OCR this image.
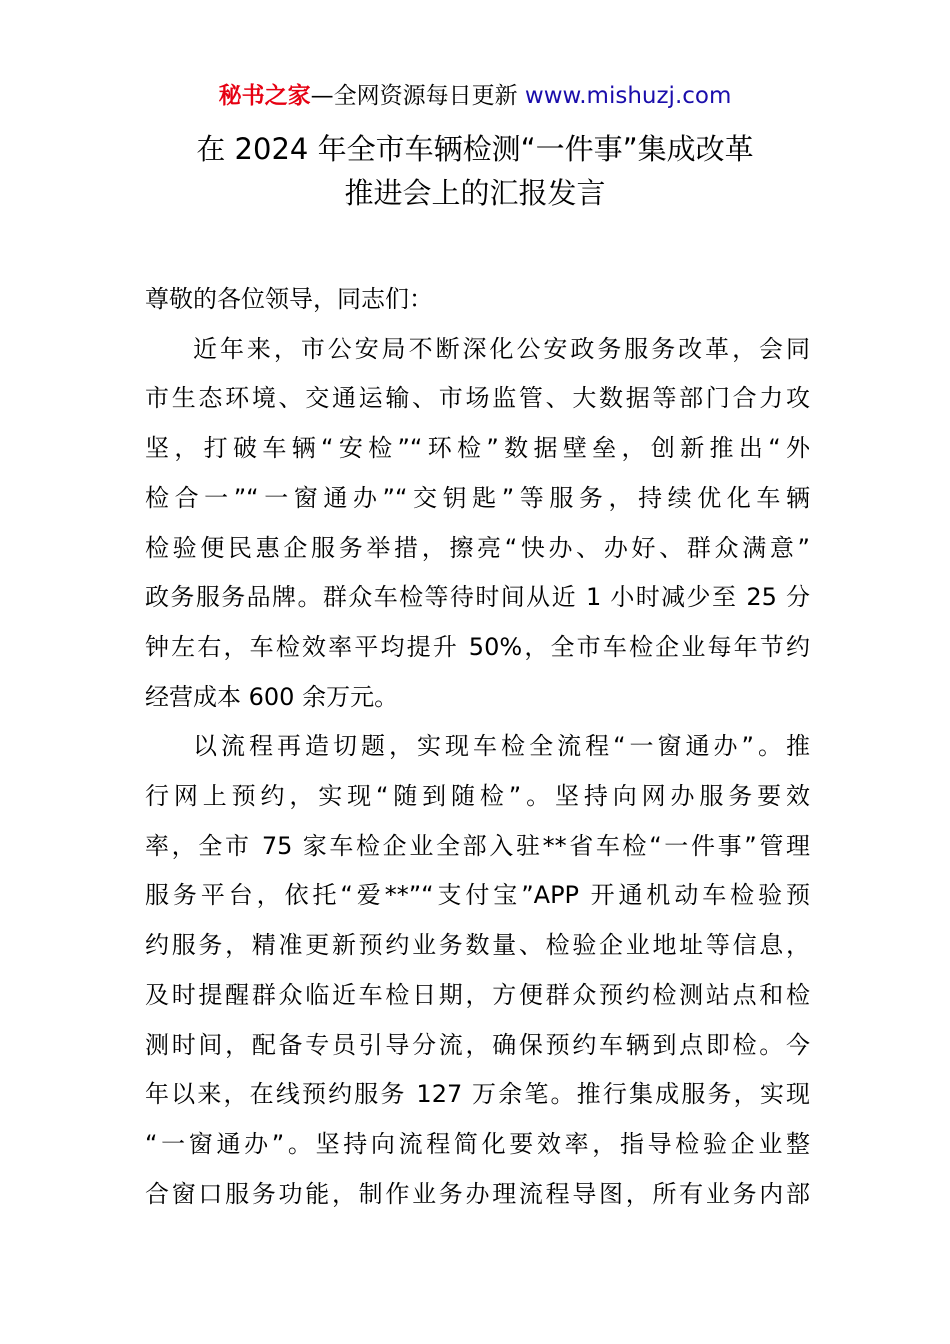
秘书之家—全网资源每日更新 www.mishuzj.com
在 2024 年全市车辆检测“一件事”集成改革
推进会上的汇报发言
尊敬的各位领导，同志们：
近年来，市公安局不断深化公安政务服务改革，会同
市生态环境、交通运输、市场监管、大数据等部门合力攻
坚，打破车辆“安检”“环检”数据壁垒，创新推出“外
检合一”“一窗通办”“交钥匙”等服务，持续优化车辆
检验便民惠企服务举措，擦亮“快办、办好、群众满意”
政务服务品牌。群众车检等待时间从近 1 小时减少至 25 分
钟左右，车检效率平均提升 50%，全市车检企业每年节约
经营成本 600 余万元。
以流程再造切题，实现车检全流程“一窗通办”。推
行网上预约，实现“随到随检”。坚持向网办服务要效
率，全市 75 家车检企业全部入驻**省车检“一件事”管理
服务平台，依托“爱**”“支付宝”APP 开通机动车检验预
约服务，精准更新预约业务数量、检验企业地址等信息，
及时提醒群众临近车检日期，方便群众预约检测站点和检
测时间，配备专员引导分流，确保预约车辆到点即检。今
年以来，在线预约服务 127 万余笔。推行集成服务，实现
“一窗通办”。坚持向流程简化要效率，指导检验企业整
合窗口服务功能，制作业务办理流程导图，所有业务内部
